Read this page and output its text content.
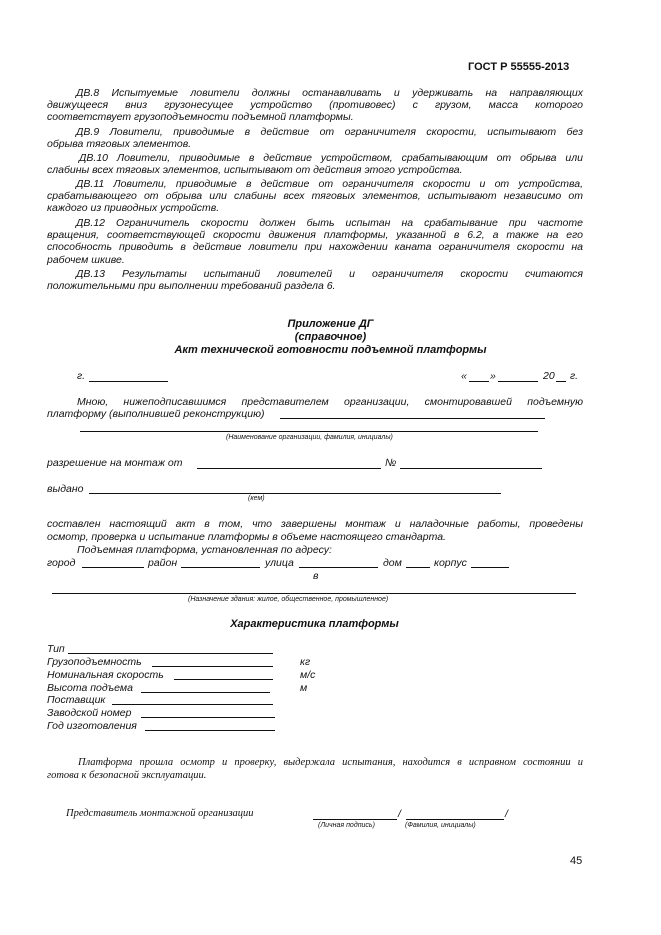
ГОСТ Р 55555-2013
ДВ.8 Испытуемые ловители должны останавливать и удерживать на направляющих
движущееся вниз грузонесущее устройство (противовес) с грузом, масса которого
соответствует грузоподъемности подъемной платформы.
ДВ.9 Ловители, приводимые в действие от ограничителя скорости, испытывают без
обрыва тяговых элементов.
ДВ.10 Ловители, приводимые в действие устройством, срабатывающим от обрыва или
слабины всех тяговых элементов, испытывают от действия этого устройства.
ДВ.11 Ловители, приводимые в действие от ограничителя скорости и от устройства,
срабатывающего от обрыва или слабины всех тяговых элементов, испытывают независимо от
каждого из приводных устройств.
ДВ.12 Ограничитель скорости должен быть испытан на срабатывание при частоте
вращения, соответствующей скорости движения платформы, указанной в 6.2, а также на его
способность приводить в действие ловители при нахождении каната ограничителя скорости на
рабочем шкиве.
ДВ.13 Результаты испытаний ловителей и ограничителя скорости считаются
положительными при выполнении требований раздела 6.
Приложение ДГ
(справочное)
Акт технической готовности подъемной платформы
г.	« »	20 г.
Мною, нижеподписавшимся представителем организации, смонтировавшей подъемную
платформу (выполнившей реконструкцию)
(Наименование организации, фамилия, инициалы)
разрешение на монтаж от	№
выдано
(кем)
составлен настоящий акт в том, что завершены монтаж и наладочные работы, проведены
осмотр, проверка и испытание платформы в объеме настоящего стандарта.
Подъемная платформа, установленная по адресу:
город	район	улица	дом	корпус
в
(Назначение здания: жилое, общественное, промышленное)
Характеристика платформы
Тип
Грузоподъемность	кг
Номинальная скорость	м/с
Высота подъема	м
Поставщик
Заводской номер
Год изготовления
Платформа прошла осмотр и проверку, выдержала испытания, находится в исправном состоянии и
готова к безопасной эксплуатации.
Представитель монтажной организации	/	/
(Личная подпись)	(Фамилия, инициалы)
45
